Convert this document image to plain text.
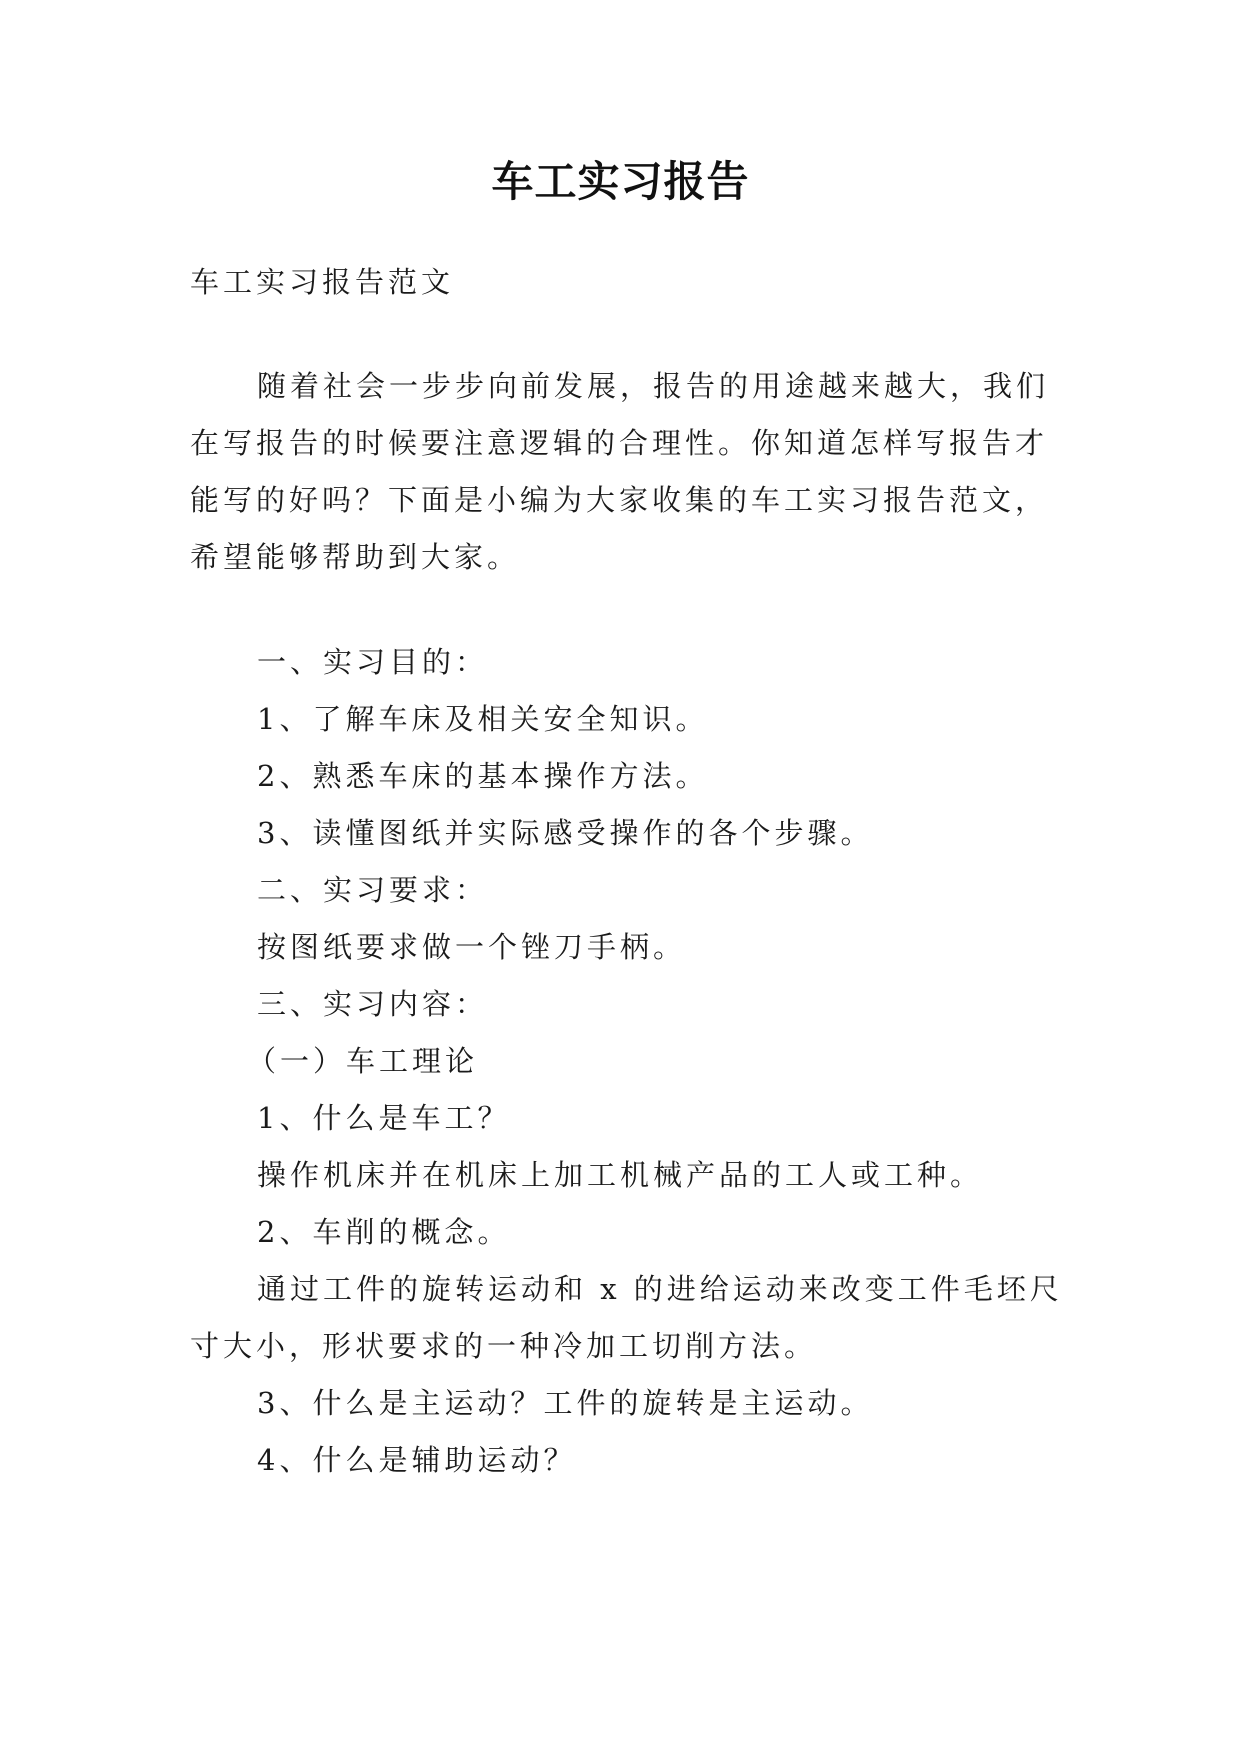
车工实习报告
车工实习报告范文
随着社会一步步向前发展，报告的用途越来越大，我们
在写报告的时候要注意逻辑的合理性。你知道怎样写报告才
能写的好吗？下面是小编为大家收集的车工实习报告范文，
希望能够帮助到大家。
一、实习目的：
1、了解车床及相关安全知识。
2、熟悉车床的基本操作方法。
3、读懂图纸并实际感受操作的各个步骤。
二、实习要求：
按图纸要求做一个锉刀手柄。
三、实习内容：
（一）车工理论
1、什么是车工？
操作机床并在机床上加工机械产品的工人或工种。
2、车削的概念。
通过工件的旋转运动和 x 的进给运动来改变工件毛坯尺
寸大小，形状要求的一种冷加工切削方法。
3、什么是主运动？工件的旋转是主运动。
4、什么是辅助运动？
